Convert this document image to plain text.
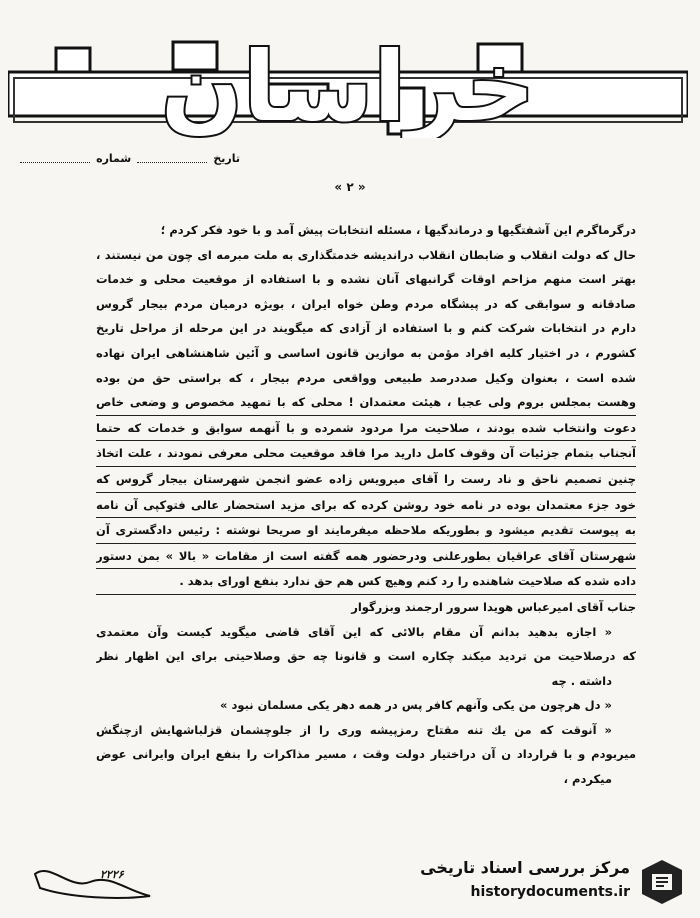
خراسان
تاریخ
شماره
« ۲ »
درگرماگرم این آشفتگیها و درماندگیها ، مسئله انتخابات پیش آمد و با خود فکر کردم ؛
حال که دولت انقلاب و ضابطان انقلاب دراندیشه خدمتگذاری به ملت مبرمه ای چون من نیستند ،
بهتر است منهم مزاحم اوقات گرانبهای آنان نشده و با استفاده از موقعیت محلی و خدمات
صادقانه و سوابقی که در پیشگاه مردم وطن خواه ایران ، بویژه درمیان مردم بیجار گروس
دارم در انتخابات شرکت کنم و با استفاده از آزادی که میگویند در این مرحله از مراحل تاریخ
کشورم ، در اختیار کلیه افراد مؤمن به موازین قانون اساسی و آئین شاهنشاهی ایران نهاده
شده است ، بعنوان وکیل صددرصد طبیعی وواقعی مردم بیجار ، که براستی حق من بوده
وهست بمجلس بروم ولی عجبا ، هیئت معتمدان ! محلی که با تمهید مخصوص و وضعی خاص
دعوت وانتخاب شده بودند ، صلاحیت مرا مردود شمرده و با آنهمه سوابق و خدمات که حتما
آنجناب بتمام جزئیات آن وقوف کامل دارید مرا فاقد موقعیت محلی معرفی نمودند ، علت اتخاذ
چنین تصمیم ناحق و ناد رست را آقای میرویس زاده عضو انجمن شهرستان بیجار گروس که
خود جزء معتمدان بوده در نامه خود روشن کرده که برای مزید استحضار عالی فتوکپی آن نامه
به پیوست تقدیم میشود و بطوریکه ملاحظه میفرمایند او صریحا نوشته : رئیس دادگستری آن
شهرستان آقای عراقیان بطورعلنی ودرحضور همه گفته است از مقامات « بالا » بمن دستور
داده شده که صلاحیت شاهنده را رد کنم وهیچ کس هم حق ندارد بنفع اورای بدهد .
جناب آقای امیرعباس هویدا سرور ارجمند وبزرگوار
« اجازه بدهید بدانم آن مقام بالائی که این آقای قاضی میگوید کیست وآن معتمدی
که درصلاحیت من تردید میکند چکاره است و قانونا چه حق وصلاحیتی برای این اظهار نظر
داشته . چه
« دل هرچون من یکی وآنهم کافر پس در همه دهر یکی مسلمان نبود »
« آنوقت که من یك تنه مقتاح رمزپیشه وری را از جلوچشمان قزلباشهایش ازچنگش
میربودم و با قرارداد ن آن دراختیار دولت وقت ، مسیر مذاکرات را بنفع ایران وایرانی عوض
میکردم ،
۲۲۲۶	مرکز بررسی اسناد تاریخی
historydocuments.ir
